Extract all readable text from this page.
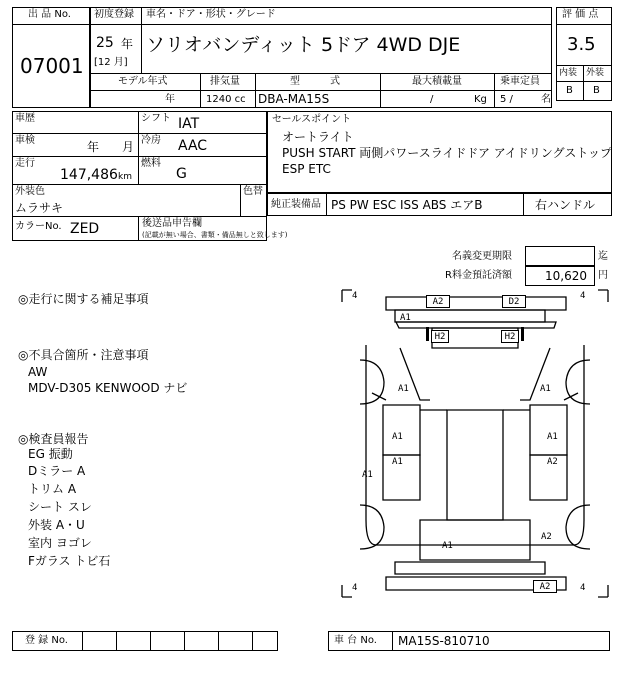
出 品 No.
07001
初度登録 車名・ドア・形状・グレード
25 年
[12 月]
ソリオバンディット 5ドア 4WD DJE
モデル年式	排気量	型　　　式	最大積載量	乗車定員
年	1240 cc DBA-MA15S	/	Kg 5 /	名
評 価 点
3.5
内装 外装
B B
車歴
車検	年 月
走行
147,486 km
シフト IAT
冷房 AAC
燃料
G
外装色
ムラサキ
色替
カラーNo. ZED	後送品申告欄
(記載が無い場合、書類・備品無しと致します)
セールスポイント
オートライト
PUSH START 両側パワースライドドア アイドリングストップ
ESP ETC
純正装備品 PS PW ESC ISS ABS エアB	右ハンドル
名義変更期限	迄
R料金預託済額	10,620 円
◎走行に関する補足事項
◎不具合箇所・注意事項
AW
MDV-D305 KENWOOD ナビ
◎検査員報告
EG 振動
Dミラー A
トリム A
シート スレ
外装 A・U
室内 ヨゴレ
Fガラス トビ石
4	4
4	4
A2	D2
A1
H2	H2
A1	A1
A1	A1
A1	A2
A1
A1
A2
A2
登 録 No.	車 台 No. MA15S-810710
